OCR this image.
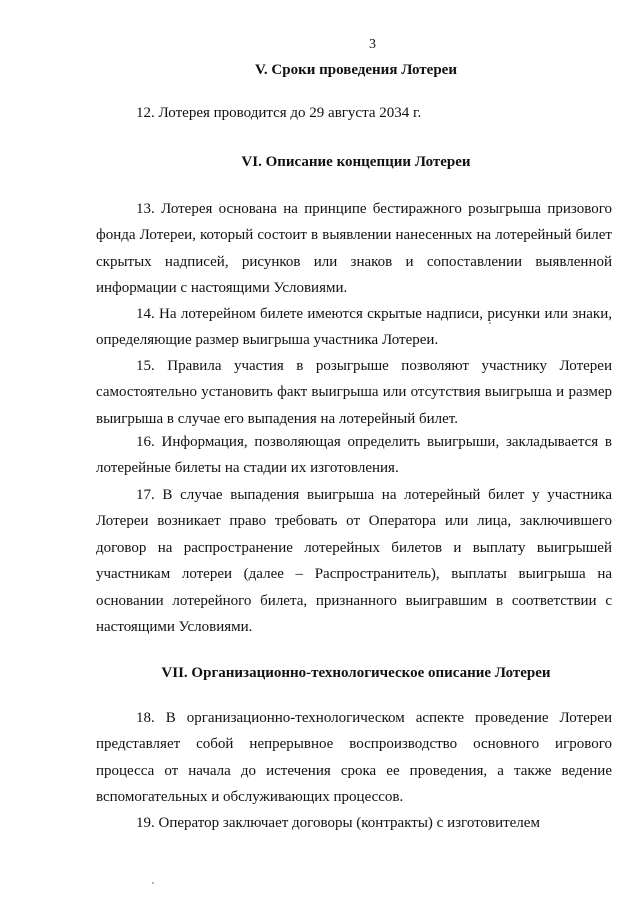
3
V. Сроки проведения Лотереи

12. Лотерея проводится до 29 августа 2034 г.

VI. Описание концепции Лотереи

13. Лотерея основана на принципе бестиражного розыгрыша призового фонда Лотереи, который состоит в выявлении нанесенных на лотерейный билет скрытых надписей, рисунков или знаков и сопоставлении выявленной информации с настоящими Условиями.

14. На лотерейном билете имеются скрытые надписи, рисунки или знаки, определяющие размер выигрыша участника Лотереи.

15. Правила участия в розыгрыше позволяют участнику Лотереи самостоятельно установить факт выигрыша или отсутствия выигрыша и размер выигрыша в случае его выпадения на лотерейный билет.

16. Информация, позволяющая определить выигрыши, закладывается в лотерейные билеты на стадии их изготовления.

17. В случае выпадения выигрыша на лотерейный билет у участника Лотереи возникает право требовать от Оператора или лица, заключившего договор на распространение лотерейных билетов и выплату выигрышей участникам лотереи (далее – Распространитель), выплаты выигрыша на основании лотерейного билета, признанного выигравшим в соответствии с настоящими Условиями.

VII. Организационно-технологическое описание Лотереи

18. В организационно-технологическом аспекте проведение Лотереи представляет собой непрерывное воспроизводство основного игрового процесса от начала до истечения срока ее проведения, а также ведение вспомогательных и обслуживающих процессов.

19. Оператор заключает договоры (контракты) с изготовителем
